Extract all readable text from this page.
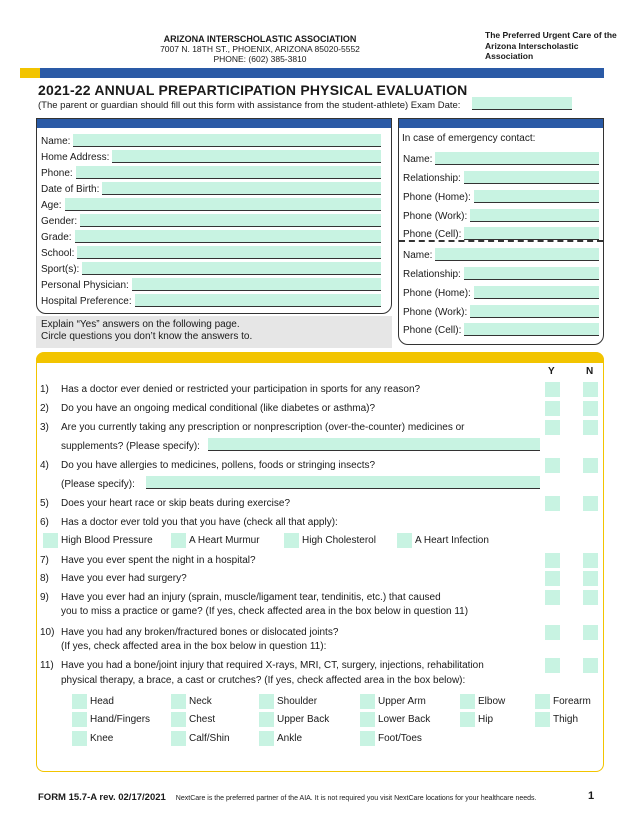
ARIZONA INTERSCHOLASTIC ASSOCIATION
7007 N. 18TH ST., PHOENIX, ARIZONA 85020-5552
PHONE: (602) 385-3810
The Preferred Urgent Care of the Arizona Interscholastic Association
2021-22 ANNUAL PREPARTICIPATION PHYSICAL EVALUATION
(The parent or guardian should fill out this form with assistance from the student-athlete) Exam Date:
Name:
Home Address:
Phone:
Date of Birth:
Age:
Gender:
Grade:
School:
Sport(s):
Personal Physician:
Hospital Preference:
Explain “Yes” answers on the following page.
Circle questions you don’t know the answers to.
In case of emergency contact:
Name:
Relationship:
Phone (Home):
Phone (Work):
Phone (Cell):
Name:
Relationship:
Phone (Home):
Phone (Work):
Phone (Cell):
Y	N
1) Has a doctor ever denied or restricted your participation in sports for any reason?
2) Do you have an ongoing medical conditional (like diabetes or asthma)?
3) Are you currently taking any prescription or nonprescription (over-the-counter) medicines or
supplements? (Please specify):
4) Do you have allergies to medicines, pollens, foods or stringing insects?
(Please specify):
5) Does your heart race or skip beats during exercise?
6) Has a doctor ever told you that you have (check all that apply):
High Blood Pressure	A Heart Murmur	High Cholesterol	A Heart Infection
7) Have you ever spent the night in a hospital?
8) Have you ever had surgery?
9) Have you ever had an injury (sprain, muscle/ligament tear, tendinitis, etc.) that caused
you to miss a practice or game? (If yes, check affected area in the box below in question 11)
10) Have you had any broken/fractured bones or dislocated joints?
(If yes, check affected area in the box below in question 11):
11) Have you had a bone/joint injury that required X-rays, MRI, CT, surgery, injections, rehabilitation
physical therapy, a brace, a cast or crutches? (If yes, check affected area in the box below):
Head	Neck	Shoulder	Upper Arm	Elbow	Forearm
Hand/Fingers	Chest	Upper Back	Lower Back	Hip	Thigh
Knee	Calf/Shin	Ankle	Foot/Toes
FORM 15.7-A rev. 02/17/2021 NextCare is the preferred partner of the AIA. It is not required you visit NextCare locations for your healthcare needs.	1
